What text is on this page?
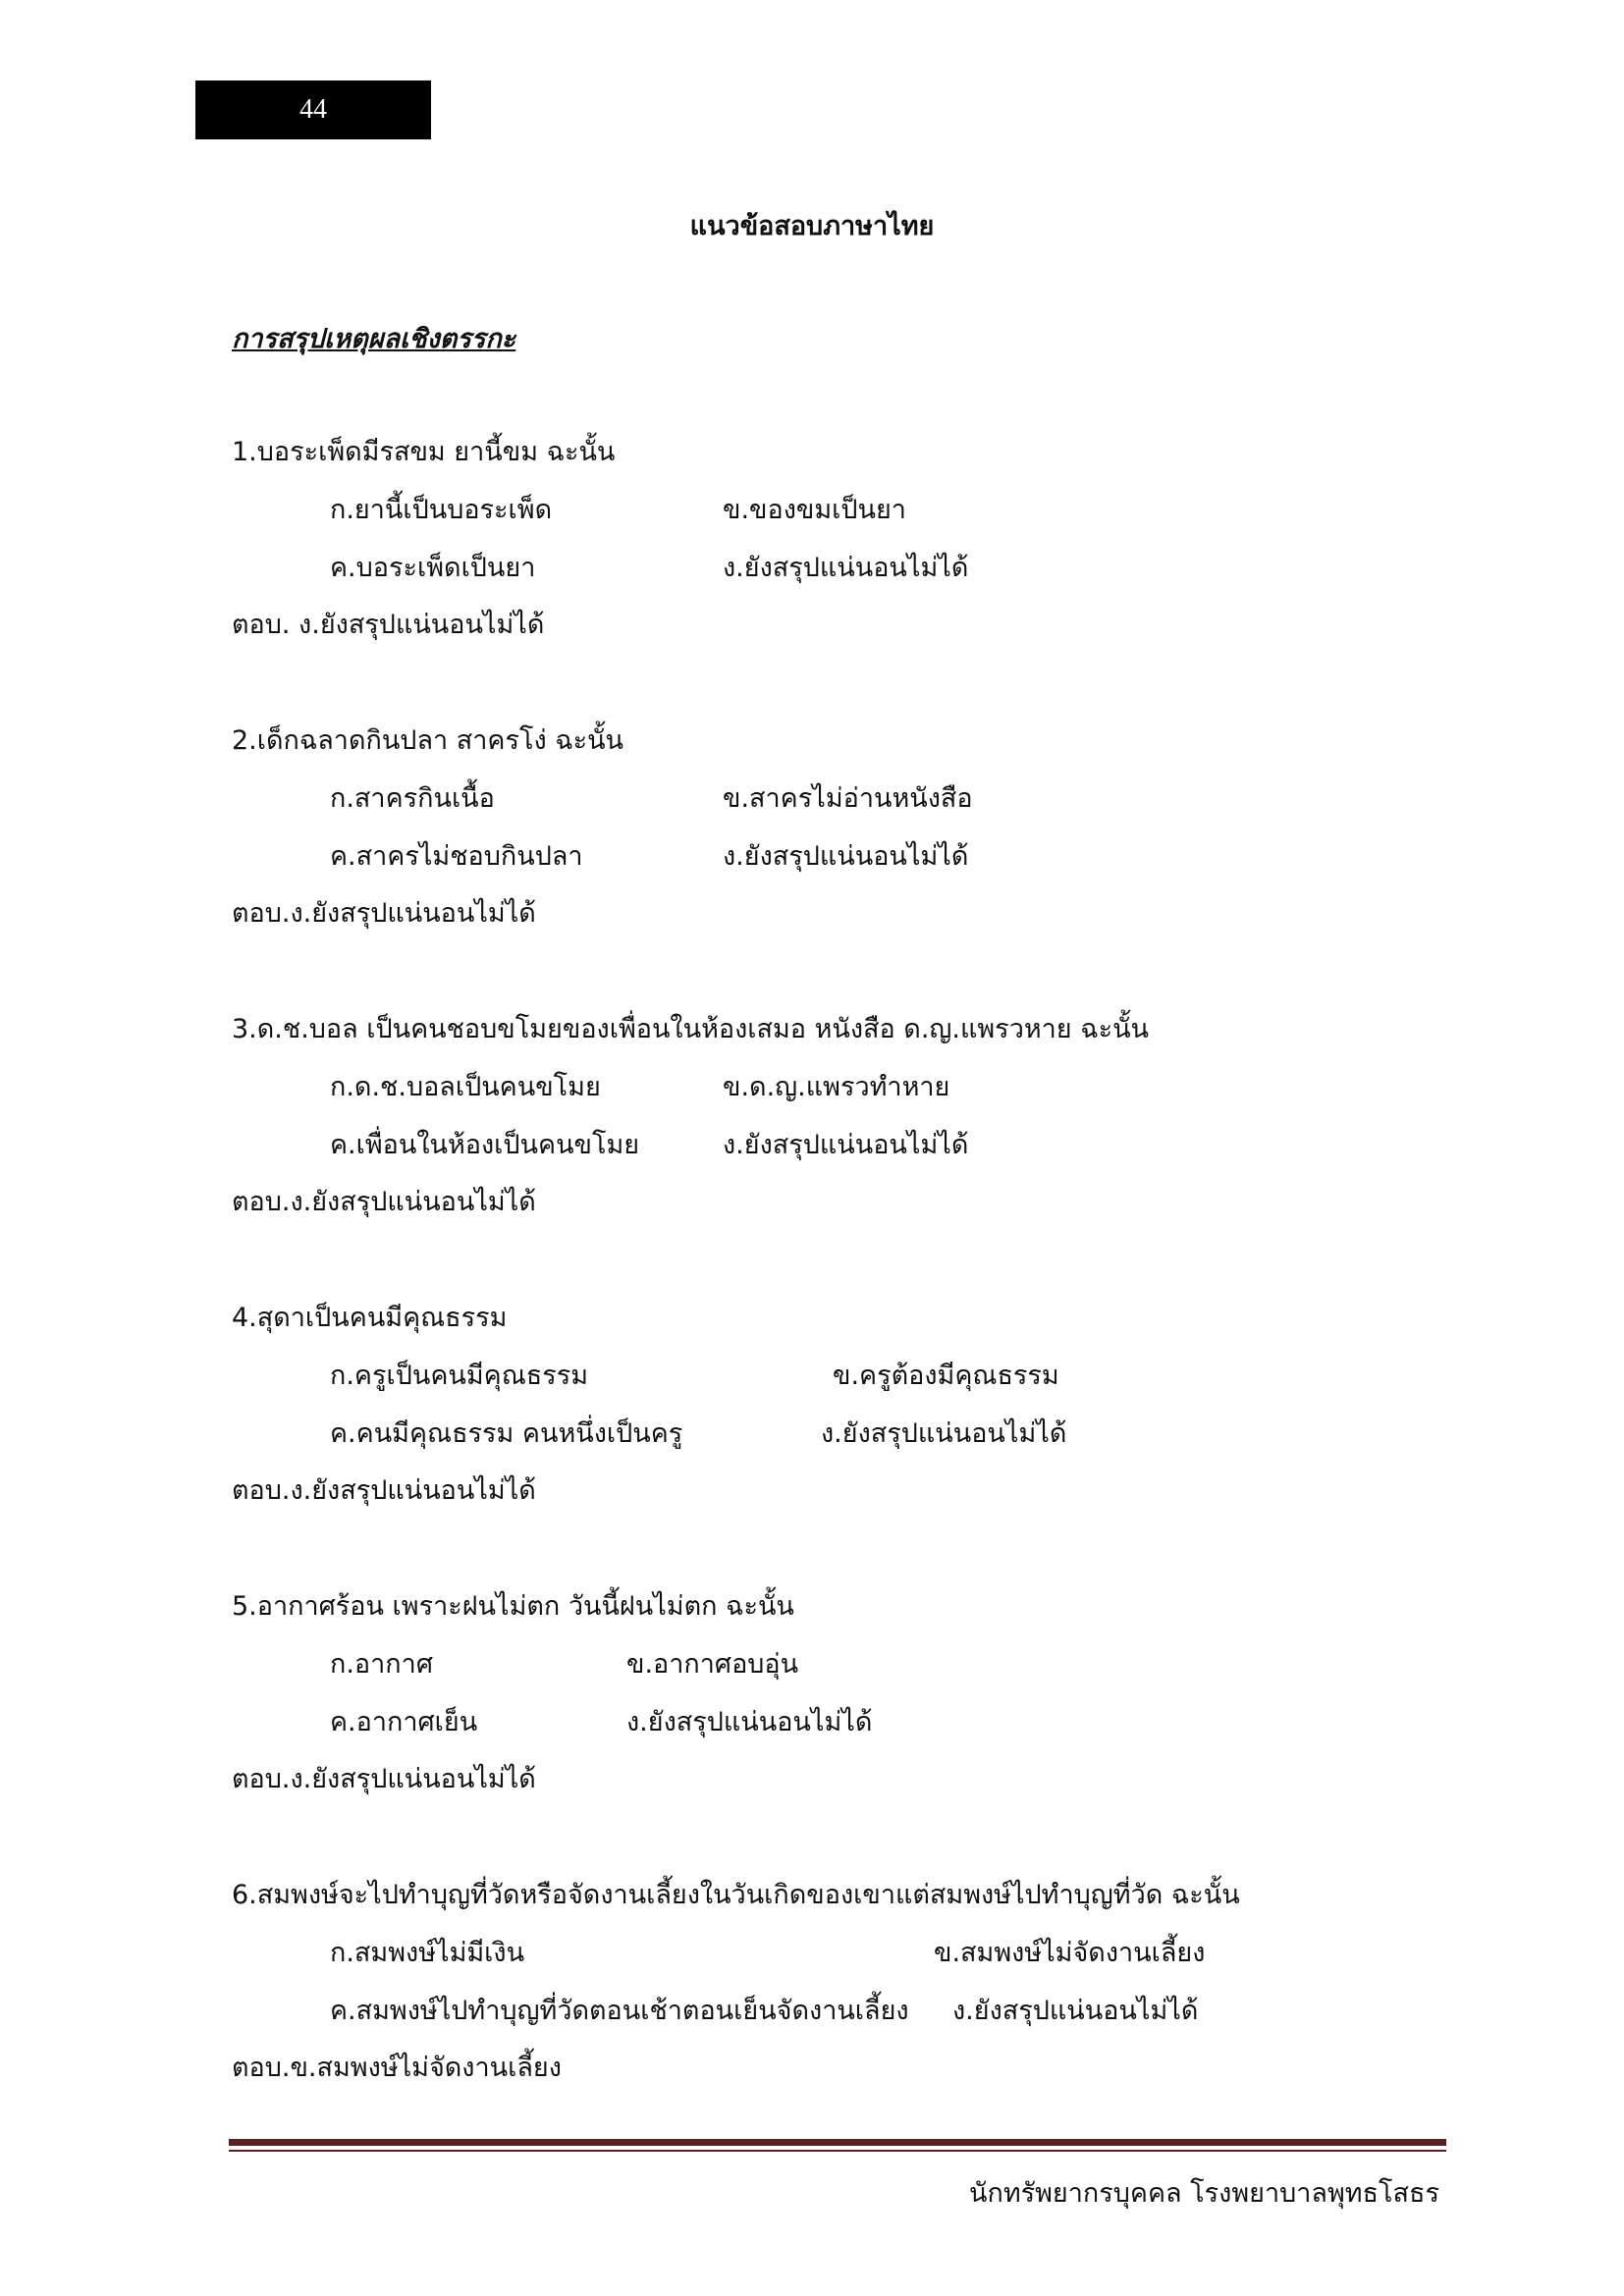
44
แนวข้อสอบภาษาไทย
การสรุปเหตุผลเชิงตรรกะ
1.บอระเพ็ดมีรสขม ยานี้ขม ฉะนั้น
ก.ยานี้เป็นบอระเพ็ด	ข.ของขมเป็นยา
ค.บอระเพ็ดเป็นยา	ง.ยังสรุปแน่นอนไม่ได้
ตอบ. ง.ยังสรุปแน่นอนไม่ได้
2.เด็กฉลาดกินปลา สาครโง่ ฉะนั้น
ก.สาครกินเนื้อ	ข.สาครไม่อ่านหนังสือ
ค.สาครไม่ชอบกินปลา	ง.ยังสรุปแน่นอนไม่ได้
ตอบ.ง.ยังสรุปแน่นอนไม่ได้
3.ด.ช.บอล เป็นคนชอบขโมยของเพื่อนในห้องเสมอ หนังสือ ด.ญ.แพรวหาย ฉะนั้น
ก.ด.ช.บอลเป็นคนขโมย	ข.ด.ญ.แพรวทำหาย
ค.เพื่อนในห้องเป็นคนขโมย	ง.ยังสรุปแน่นอนไม่ได้
ตอบ.ง.ยังสรุปแน่นอนไม่ได้
4.สุดาเป็นคนมีคุณธรรม
ก.ครูเป็นคนมีคุณธรรม	ข.ครูต้องมีคุณธรรม
ค.คนมีคุณธรรม คนหนึ่งเป็นครู	ง.ยังสรุปแน่นอนไม่ได้
ตอบ.ง.ยังสรุปแน่นอนไม่ได้
5.อากาศร้อน เพราะฝนไม่ตก วันนี้ฝนไม่ตก ฉะนั้น
ก.อากาศ	ข.อากาศอบอุ่น
ค.อากาศเย็น	ง.ยังสรุปแน่นอนไม่ได้
ตอบ.ง.ยังสรุปแน่นอนไม่ได้
6.สมพงษ์จะไปทำบุญที่วัดหรือจัดงานเลี้ยงในวันเกิดของเขาแต่สมพงษ์ไปทำบุญที่วัด ฉะนั้น
ก.สมพงษ์ไม่มีเงิน	ข.สมพงษ์ไม่จัดงานเลี้ยง
ค.สมพงษ์ไปทำบุญที่วัดตอนเช้าตอนเย็นจัดงานเลี้ยง ง.ยังสรุปแน่นอนไม่ได้
ตอบ.ข.สมพงษ์ไม่จัดงานเลี้ยง
นักทรัพยากรบุคคล โรงพยาบาลพุทธโสธร
